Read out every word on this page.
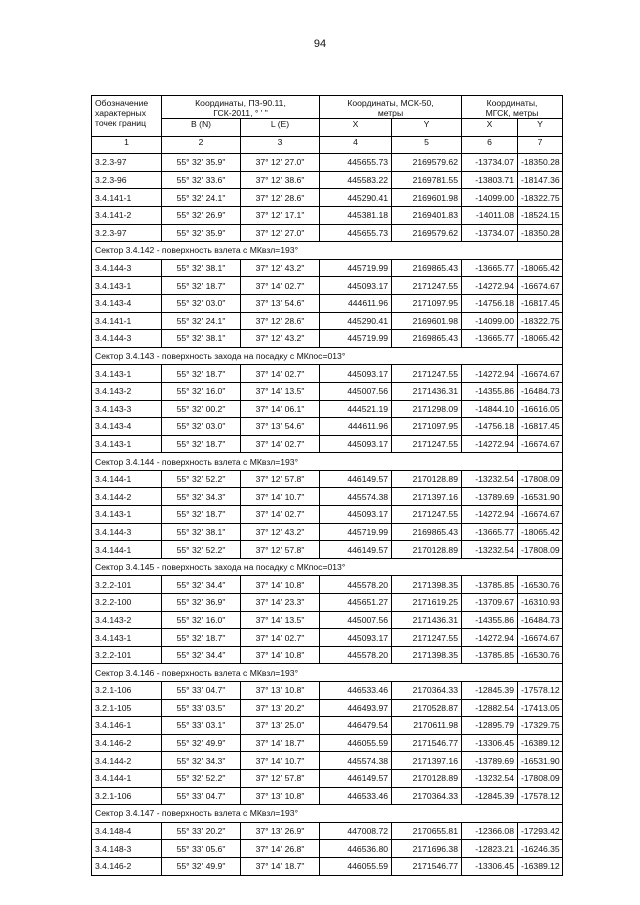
94
Обозначение характерных точек границ	Координаты, ПЗ-90.11, ГСК-2011, ° ' "		Координаты, МСК-50, метры		Координаты, МГСК, метры	
	B (N)	L (E)	X	Y	X	Y
1	2	3	4	5	6	7
3.2.3-97	55° 32' 35.9"	37° 12' 27.0"	445655.73	2169579.62	-13734.07	-18350.28
3.2.3-96	55° 32' 33.6"	37° 12' 38.6"	445583.22	2169781.55	-13803.71	-18147.36
3.4.141-1	55° 32' 24.1"	37° 12' 28.6"	445290.41	2169601.98	-14099.00	-18322.75
3.4.141-2	55° 32' 26.9"	37° 12' 17.1"	445381.18	2169401.83	-14011.08	-18524.15
3.2.3-97	55° 32' 35.9"	37° 12' 27.0"	445655.73	2169579.62	-13734.07	-18350.28
Сектор 3.4.142 - поверхность взлета с МКвзл=193°						
3.4.144-3	55° 32' 38.1"	37° 12' 43.2"	445719.99	2169865.43	-13665.77	-18065.42
3.4.143-1	55° 32' 18.7"	37° 14' 02.7"	445093.17	2171247.55	-14272.94	-16674.67
3.4.143-4	55° 32' 03.0"	37° 13' 54.6"	444611.96	2171097.95	-14756.18	-16817.45
3.4.141-1	55° 32' 24.1"	37° 12' 28.6"	445290.41	2169601.98	-14099.00	-18322.75
3.4.144-3	55° 32' 38.1"	37° 12' 43.2"	445719.99	2169865.43	-13665.77	-18065.42
Сектор 3.4.143 - поверхность захода на посадку с МКпос=013°						
3.4.143-1	55° 32' 18.7"	37° 14' 02.7"	445093.17	2171247.55	-14272.94	-16674.67
3.4.143-2	55° 32' 16.0"	37° 14' 13.5"	445007.56	2171436.31	-14355.86	-16484.73
3.4.143-3	55° 32' 00.2"	37° 14' 06.1"	444521.19	2171298.09	-14844.10	-16616.05
3.4.143-4	55° 32' 03.0"	37° 13' 54.6"	444611.96	2171097.95	-14756.18	-16817.45
3.4.143-1	55° 32' 18.7"	37° 14' 02.7"	445093.17	2171247.55	-14272.94	-16674.67
Сектор 3.4.144 - поверхность взлета с МКвзл=193°						
3.4.144-1	55° 32' 52.2"	37° 12' 57.8"	446149.57	2170128.89	-13232.54	-17808.09
3.4.144-2	55° 32' 34.3"	37° 14' 10.7"	445574.38	2171397.16	-13789.69	-16531.90
3.4.143-1	55° 32' 18.7"	37° 14' 02.7"	445093.17	2171247.55	-14272.94	-16674.67
3.4.144-3	55° 32' 38.1"	37° 12' 43.2"	445719.99	2169865.43	-13665.77	-18065.42
3.4.144-1	55° 32' 52.2"	37° 12' 57.8"	446149.57	2170128.89	-13232.54	-17808.09
Сектор 3.4.145 - поверхность захода на посадку с МКпос=013°						
3.2.2-101	55° 32' 34.4"	37° 14' 10.8"	445578.20	2171398.35	-13785.85	-16530.76
3.2.2-100	55° 32' 36.9"	37° 14' 23.3"	445651.27	2171619.25	-13709.67	-16310.93
3.4.143-2	55° 32' 16.0"	37° 14' 13.5"	445007.56	2171436.31	-14355.86	-16484.73
3.4.143-1	55° 32' 18.7"	37° 14' 02.7"	445093.17	2171247.55	-14272.94	-16674.67
3.2.2-101	55° 32' 34.4"	37° 14' 10.8"	445578.20	2171398.35	-13785.85	-16530.76
Сектор 3.4.146 - поверхность взлета с МКвзл=193°						
3.2.1-106	55° 33' 04.7"	37° 13' 10.8"	446533.46	2170364.33	-12845.39	-17578.12
3.2.1-105	55° 33' 03.5"	37° 13' 20.2"	446493.97	2170528.87	-12882.54	-17413.05
3.4.146-1	55° 33' 03.1"	37° 13' 25.0"	446479.54	2170611.98	-12895.79	-17329.75
3.4.146-2	55° 32' 49.9"	37° 14' 18.7"	446055.59	2171546.77	-13306.45	-16389.12
3.4.144-2	55° 32' 34.3"	37° 14' 10.7"	445574.38	2171397.16	-13789.69	-16531.90
3.4.144-1	55° 32' 52.2"	37° 12' 57.8"	446149.57	2170128.89	-13232.54	-17808.09
3.2.1-106	55° 33' 04.7"	37° 13' 10.8"	446533.46	2170364.33	-12845.39	-17578.12
Сектор 3.4.147 - поверхность взлета с МКвзл=193°						
3.4.148-4	55° 33' 20.2"	37° 13' 26.9"	447008.72	2170655.81	-12366.08	-17293.42
3.4.148-3	55° 33' 05.6"	37° 14' 26.8"	446536.80	2171696.38	-12823.21	-16246.35
3.4.146-2	55° 32' 49.9"	37° 14' 18.7"	446055.59	2171546.77	-13306.45	-16389.12
